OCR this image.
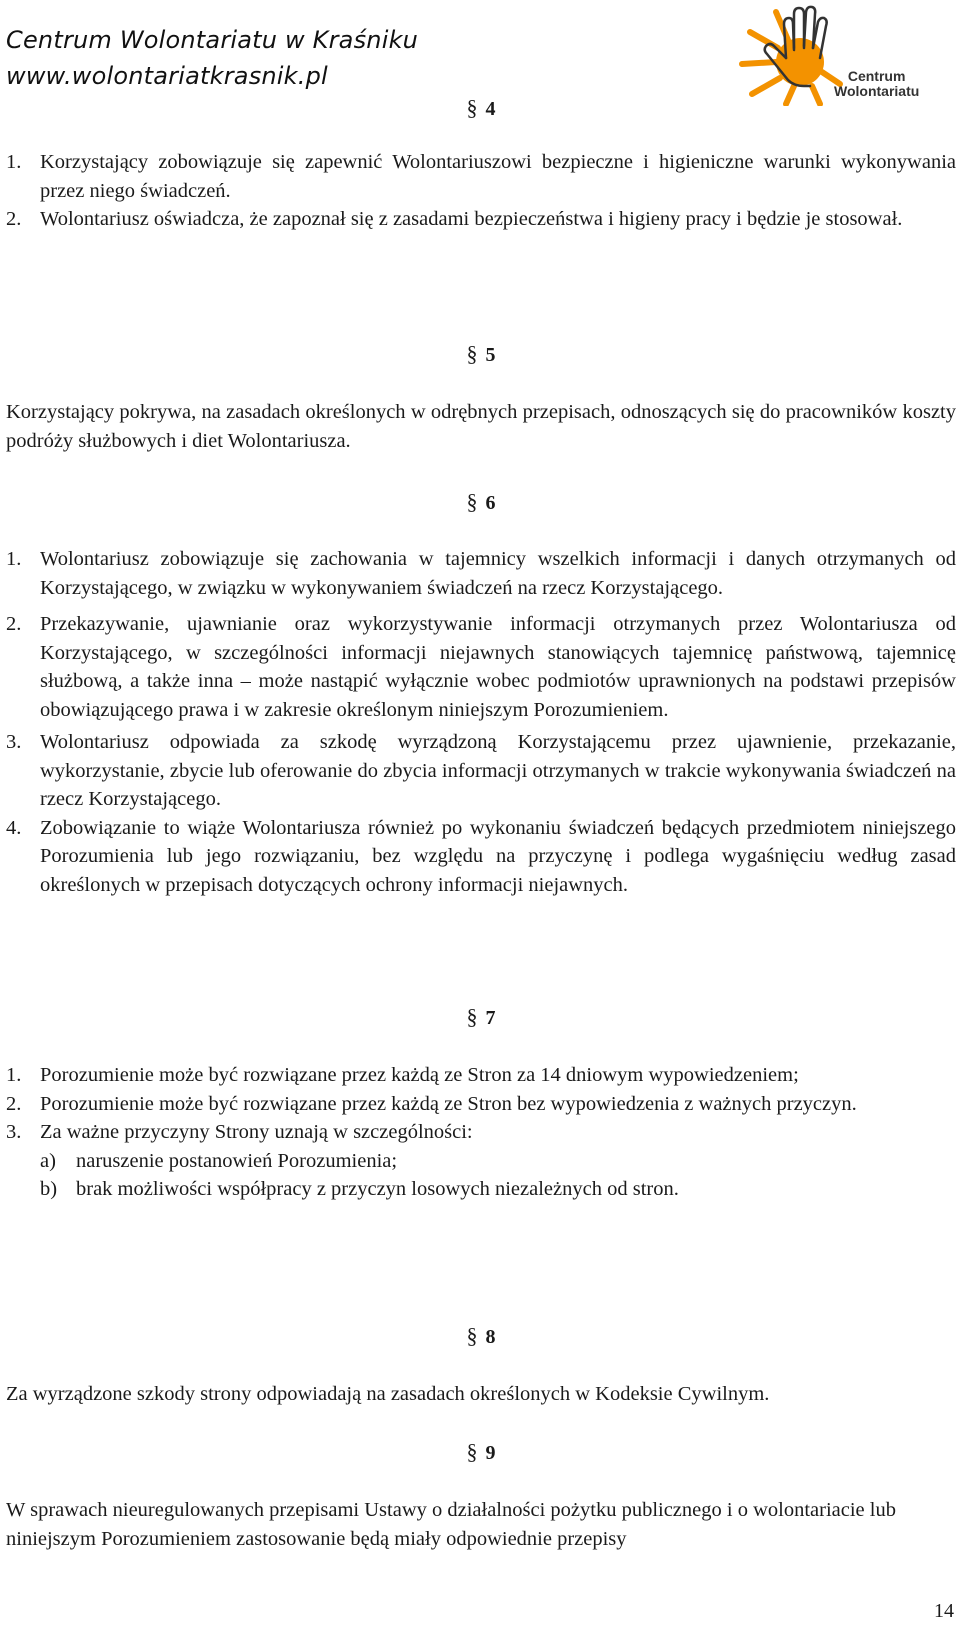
Centrum Wolontariatu w Kraśniku
www.wolontariatkrasnik.pl	Centrum
Wolontariatu
§ 4
1. Korzystający zobowiązuje się zapewnić Wolontariuszowi bezpieczne i higieniczne warunki wykonywania przez niego świadczeń.
2. Wolontariusz oświadcza, że zapoznał się z zasadami bezpieczeństwa i higieny pracy i będzie je stosował.
§ 5
Korzystający pokrywa, na zasadach określonych w odrębnych przepisach, odnoszących się do pracowników koszty podróży służbowych i diet Wolontariusza.
§ 6
1. Wolontariusz zobowiązuje się zachowania w tajemnicy wszelkich informacji i danych otrzymanych od Korzystającego, w związku w wykonywaniem świadczeń na rzecz Korzystającego.
2. Przekazywanie, ujawnianie oraz wykorzystywanie informacji otrzymanych przez Wolontariusza od Korzystającego, w szczególności informacji niejawnych stanowiących tajemnicę państwową, tajemnicę służbową, a także inna – może nastąpić wyłącznie wobec podmiotów uprawnionych na podstawi przepisów obowiązującego prawa i w zakresie określonym niniejszym Porozumieniem.
3. Wolontariusz odpowiada za szkodę wyrządzoną Korzystającemu przez ujawnienie, przekazanie, wykorzystanie, zbycie lub oferowanie do zbycia informacji otrzymanych w trakcie wykonywania świadczeń na rzecz Korzystającego.
4. Zobowiązanie to wiąże Wolontariusza również po wykonaniu świadczeń będących przedmiotem niniejszego Porozumienia lub jego rozwiązaniu, bez względu na przyczynę i podlega wygaśnięciu według zasad określonych w przepisach dotyczących ochrony informacji niejawnych.
§ 7
1. Porozumienie może być rozwiązane przez każdą ze Stron za 14 dniowym wypowiedzeniem;
2. Porozumienie może być rozwiązane przez każdą ze Stron bez wypowiedzenia z ważnych przyczyn.
3. Za ważne przyczyny Strony uznają w szczególności:
a) naruszenie postanowień Porozumienia;
b) brak możliwości współpracy z przyczyn losowych niezależnych od stron.
§ 8
Za wyrządzone szkody strony odpowiadają na zasadach określonych w Kodeksie Cywilnym.
§ 9
W sprawach nieuregulowanych przepisami Ustawy o działalności pożytku publicznego i o wolontariacie lub niniejszym Porozumieniem zastosowanie będą miały odpowiednie przepisy
14
